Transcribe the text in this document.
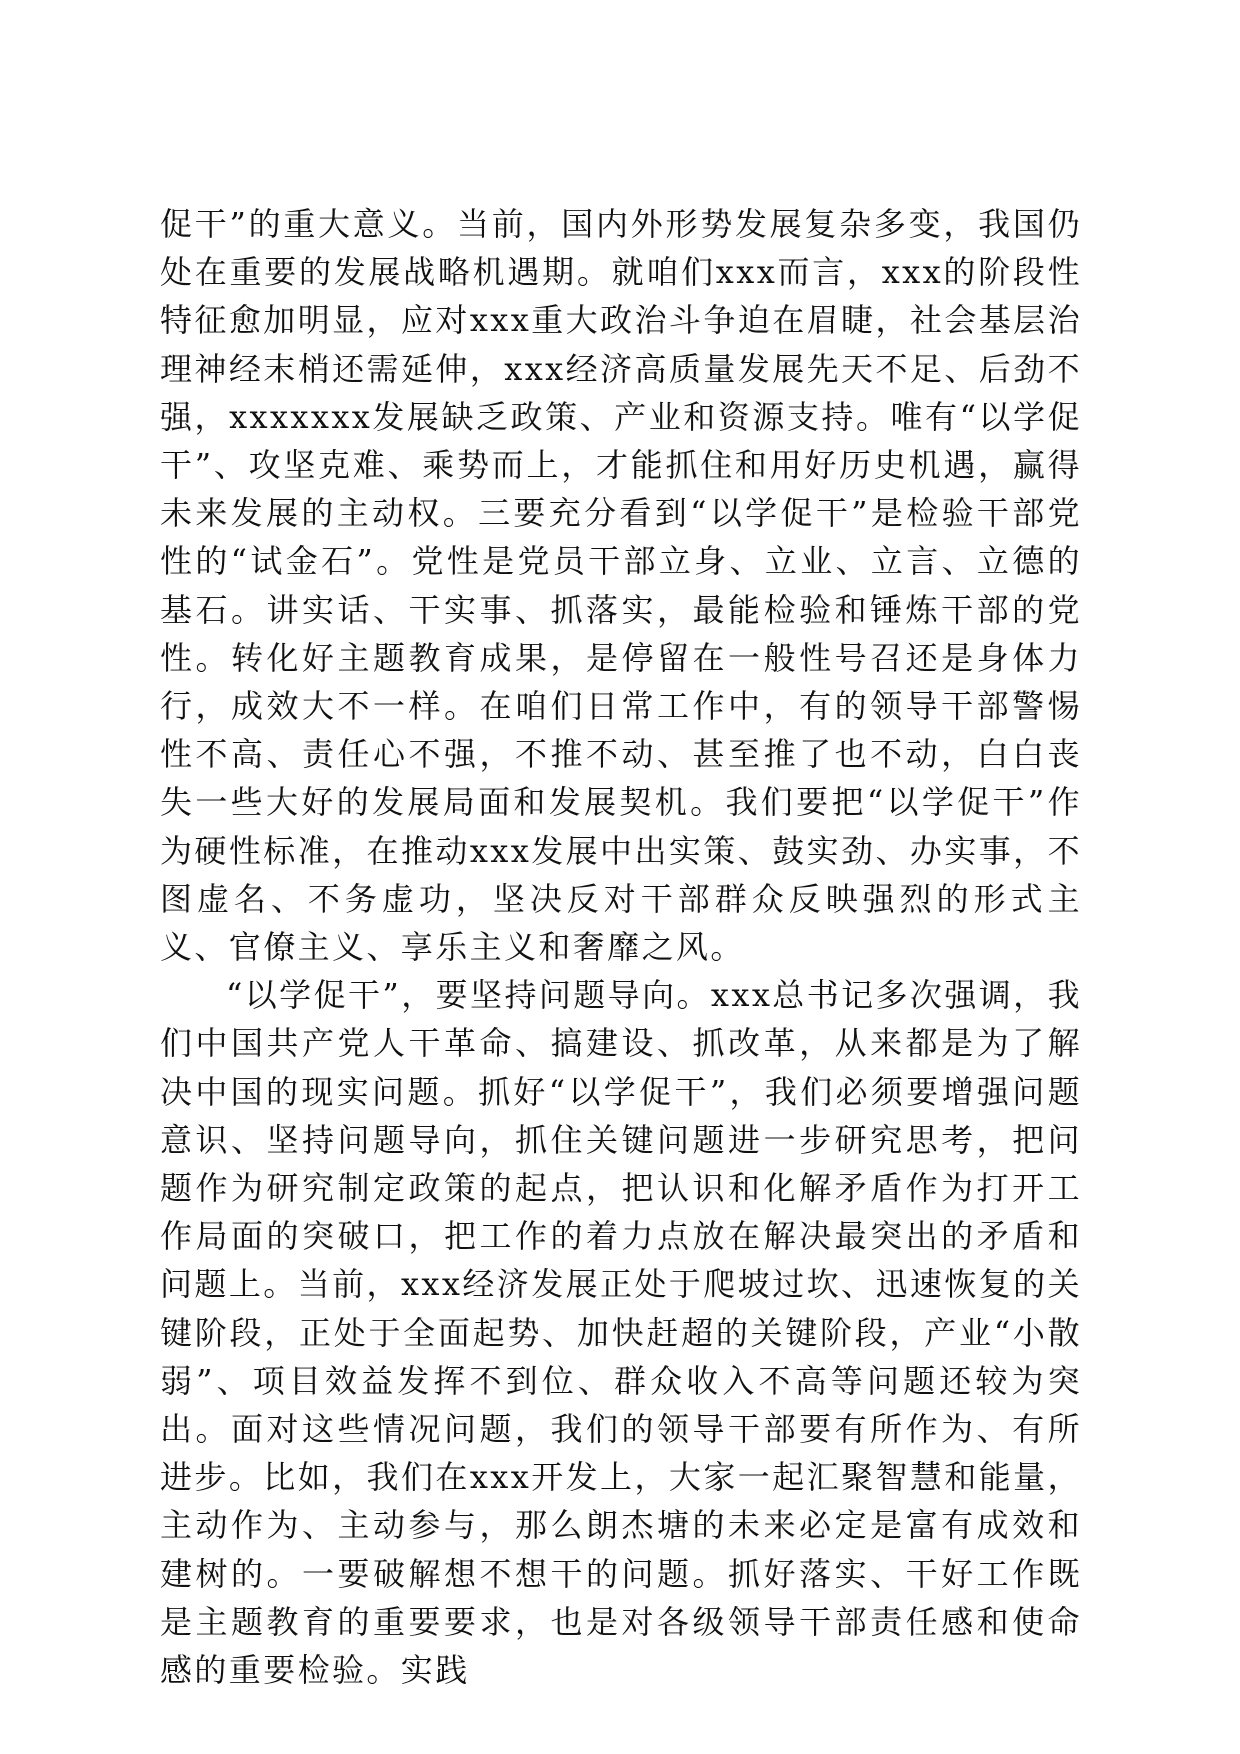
促干”的重大意义。当前，国内外形势发展复杂多变，我国仍处在重要的发展战略机遇期。就咱们xxx而言，xxx的阶段性特征愈加明显，应对xxx重大政治斗争迫在眉睫，社会基层治理神经末梢还需延伸，xxx经济高质量发展先天不足、后劲不强，xxxxxxx发展缺乏政策、产业和资源支持。唯有“以学促干”、攻坚克难、乘势而上，才能抓住和用好历史机遇，赢得未来发展的主动权。三要充分看到“以学促干”是检验干部党性的“试金石”。党性是党员干部立身、立业、立言、立德的基石。讲实话、干实事、抓落实，最能检验和锤炼干部的党性。转化好主题教育成果，是停留在一般性号召还是身体力行，成效大不一样。在咱们日常工作中，有的领导干部警惕性不高、责任心不强，不推不动、甚至推了也不动，白白丧失一些大好的发展局面和发展契机。我们要把“以学促干”作为硬性标准，在推动xxx发展中出实策、鼓实劲、办实事，不图虚名、不务虚功，坚决反对干部群众反映强烈的形式主义、官僚主义、享乐主义和奢靡之风。

“以学促干”，要坚持问题导向。xxx总书记多次强调，我们中国共产党人干革命、搞建设、抓改革，从来都是为了解决中国的现实问题。抓好“以学促干”，我们必须要增强问题意识、坚持问题导向，抓住关键问题进一步研究思考，把问题作为研究制定政策的起点，把认识和化解矛盾作为打开工作局面的突破口，把工作的着力点放在解决最突出的矛盾和问题上。当前，xxx经济发展正处于爬坡过坎、迅速恢复的关键阶段，正处于全面起势、加快赶超的关键阶段，产业“小散弱”、项目效益发挥不到位、群众收入不高等问题还较为突出。面对这些情况问题，我们的领导干部要有所作为、有所进步。比如，我们在xxx开发上，大家一起汇聚智慧和能量，主动作为、主动参与，那么朗杰塘的未来必定是富有成效和建树的。一要破解想不想干的问题。抓好落实、干好工作既是主题教育的重要要求，也是对各级领导干部责任感和使命感的重要检验。实践
